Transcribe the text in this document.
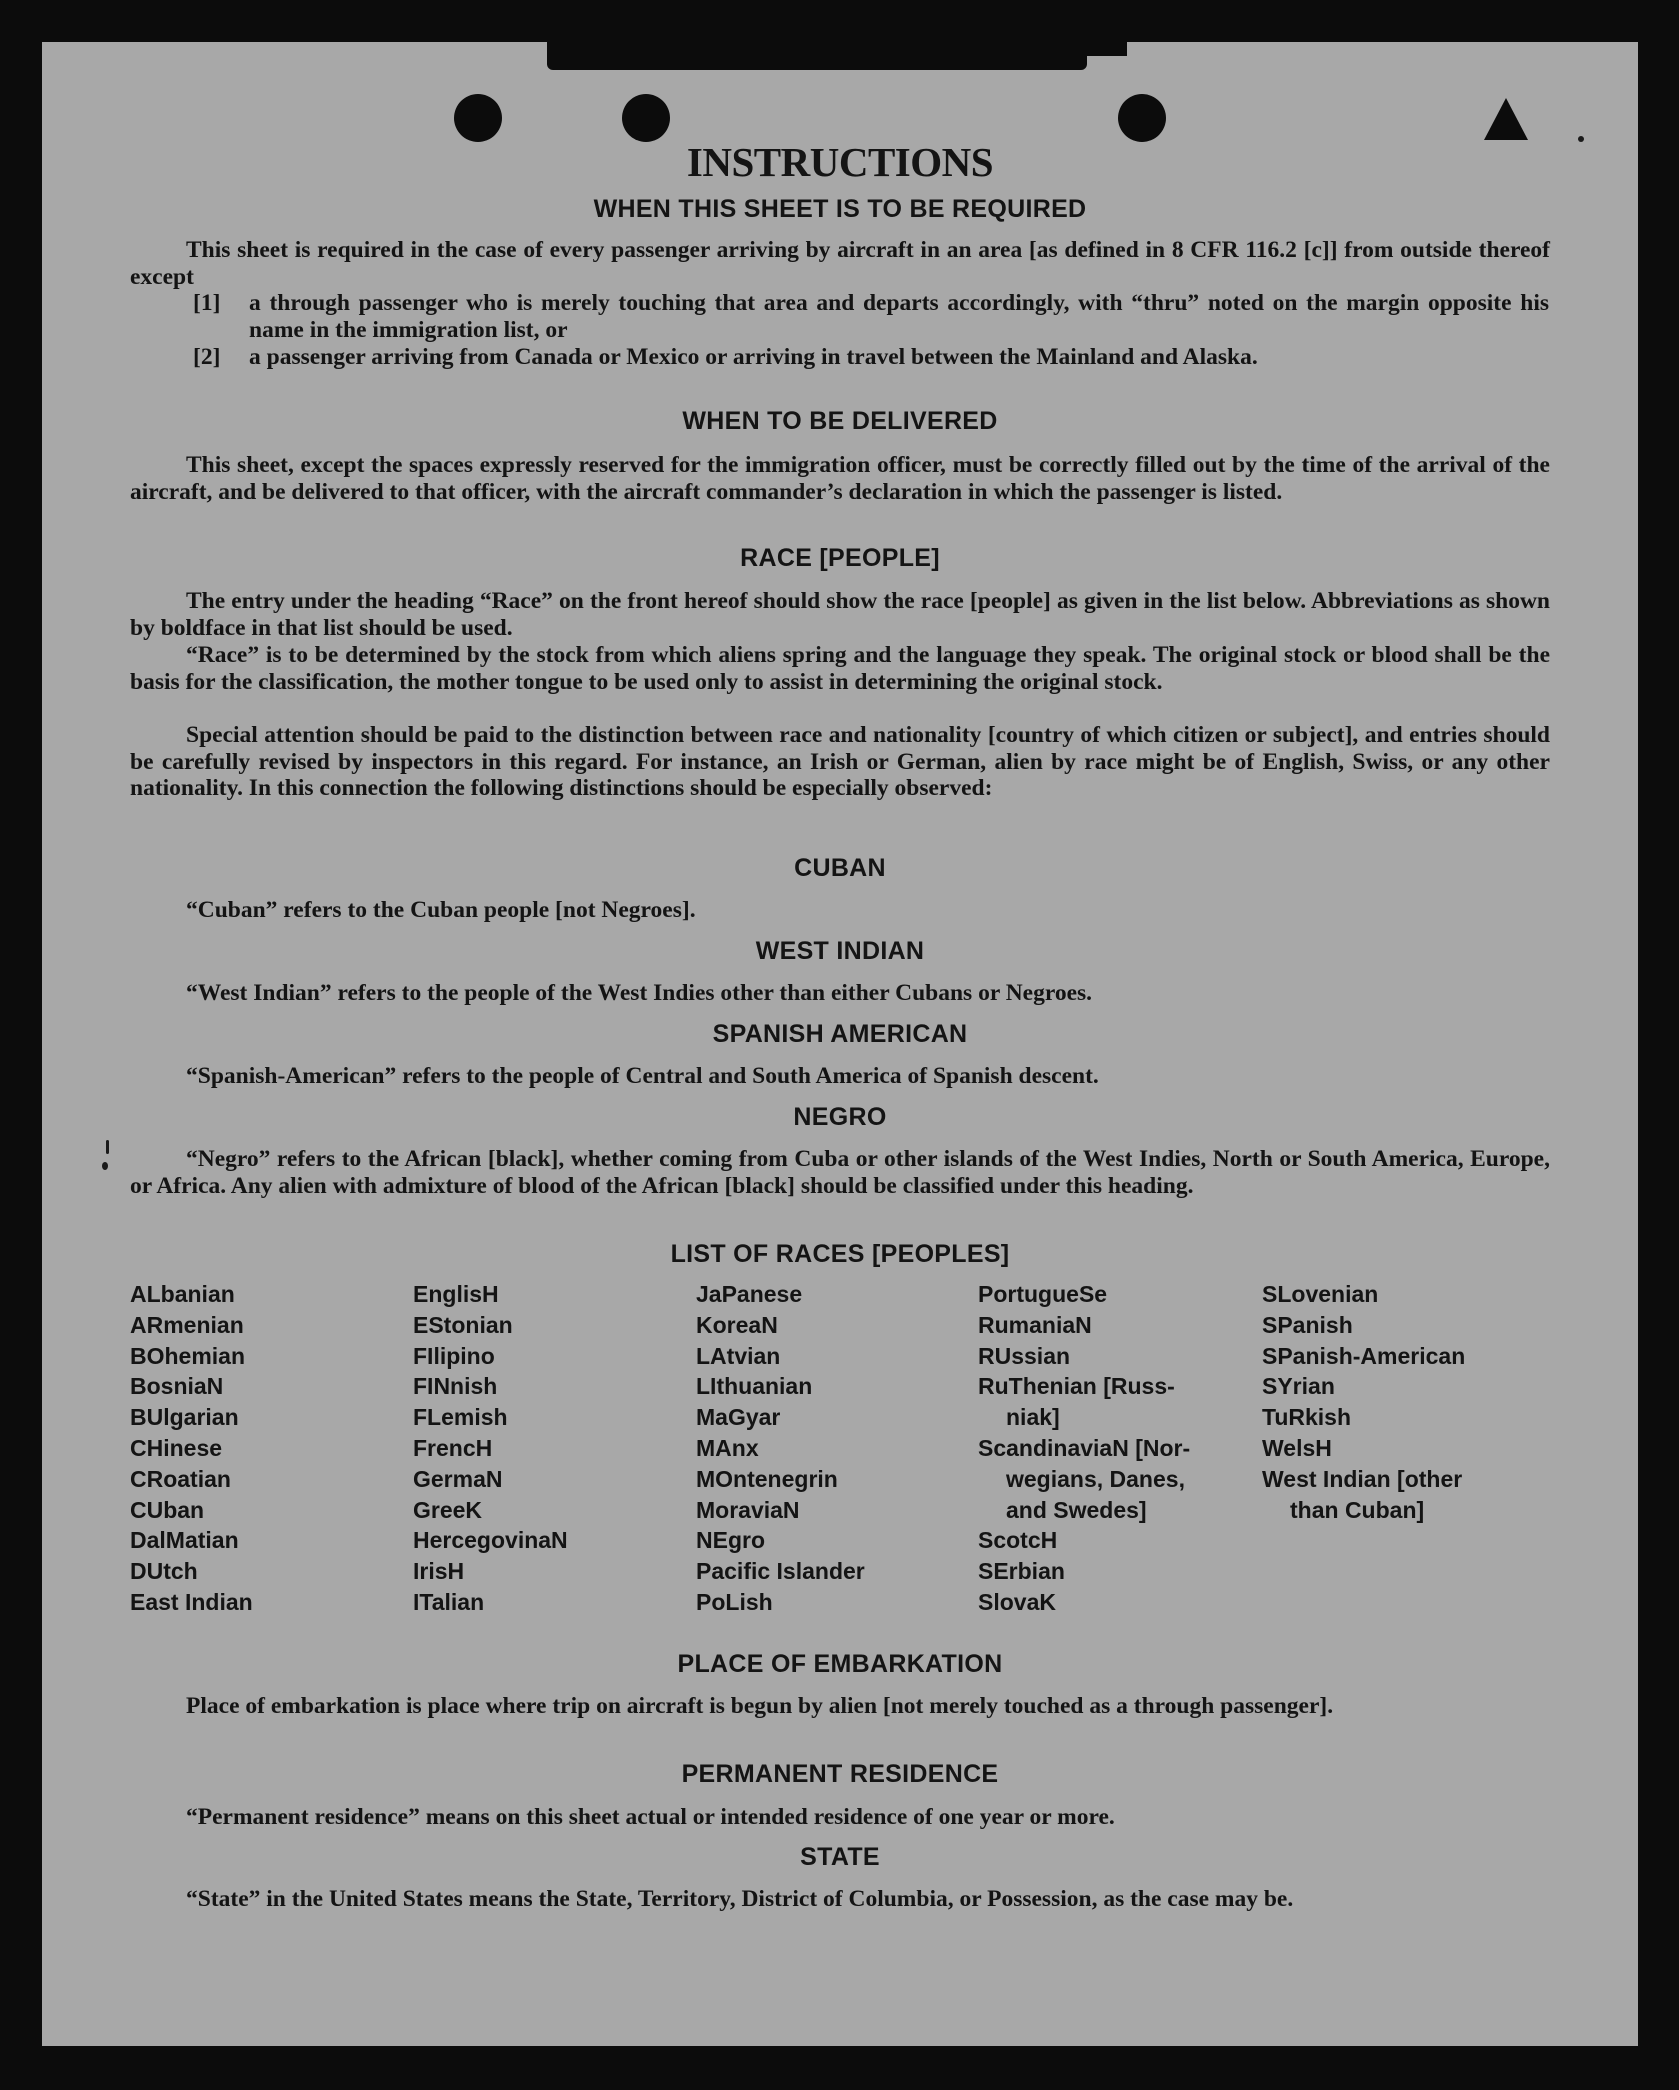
INSTRUCTIONS
WHEN THIS SHEET IS TO BE REQUIRED

This sheet is required in the case of every passenger arriving by aircraft in an area [as defined in 8 CFR 116.2 [c]] from outside thereof except

[1] a through passenger who is merely touching that area and departs accordingly, with “thru” noted on the margin opposite his name in the immigration list, or
[2] a passenger arriving from Canada or Mexico or arriving in travel between the Mainland and Alaska.
WHEN TO BE DELIVERED

This sheet, except the spaces expressly reserved for the immigration officer, must be correctly filled out by the time of the arrival of the aircraft, and be delivered to that officer, with the aircraft commander’s declaration in which the passenger is listed.

RACE [PEOPLE]

The entry under the heading “Race” on the front hereof should show the race [people] as given in the list below. Abbreviations as shown by boldface in that list should be used.

“Race” is to be determined by the stock from which aliens spring and the language they speak. The original stock or blood shall be the basis for the classification, the mother tongue to be used only to assist in determining the original stock.

Special attention should be paid to the distinction between race and nationality [country of which citizen or subject], and entries should be carefully revised by inspectors in this regard. For instance, an Irish or German, alien by race might be of English, Swiss, or any other nationality. In this connection the following distinctions should be especially observed:

CUBAN

“Cuban” refers to the Cuban people [not Negroes].

WEST INDIAN

“West Indian” refers to the people of the West Indies other than either Cubans or Negroes.

SPANISH AMERICAN

“Spanish-American” refers to the people of Central and South America of Spanish descent.

NEGRO

“Negro” refers to the African [black], whether coming from Cuba or other islands of the West Indies, North or South America, Europe, or Africa. Any alien with admixture of blood of the African [black] should be classified under this heading.

LIST OF RACES [PEOPLES]
ALbanian
ARmenian
BOhemian
BosniaN
BUlgarian
CHinese
CRoatian
CUban
DalMatian
DUtch
East Indian
EnglisH
EStonian
FIlipino
FINnish
FLemish
FrencH
GermaN
GreeK
HercegovinaN
IrisH
ITalian
JaPanese
KoreaN
LAtvian
LIthuanian
MaGyar
MAnx
MOntenegrin
MoraviaN
NEgro
Pacific Islander
PoLish
PortugueSe
RumaniaN
RUssian
RuThenian [Russ-
niak]
ScandinaviaN [Nor-
wegians, Danes,
and Swedes]
ScotcH
SErbian
SlovaK
SLovenian
SPanish
SPanish-American
SYrian
TuRkish
WelsH
West Indian [other
than Cuban]
PLACE OF EMBARKATION

Place of embarkation is place where trip on aircraft is begun by alien [not merely touched as a through passenger].

PERMANENT RESIDENCE

“Permanent residence” means on this sheet actual or intended residence of one year or more.

STATE

“State” in the United States means the State, Territory, District of Columbia, or Possession, as the case may be.
